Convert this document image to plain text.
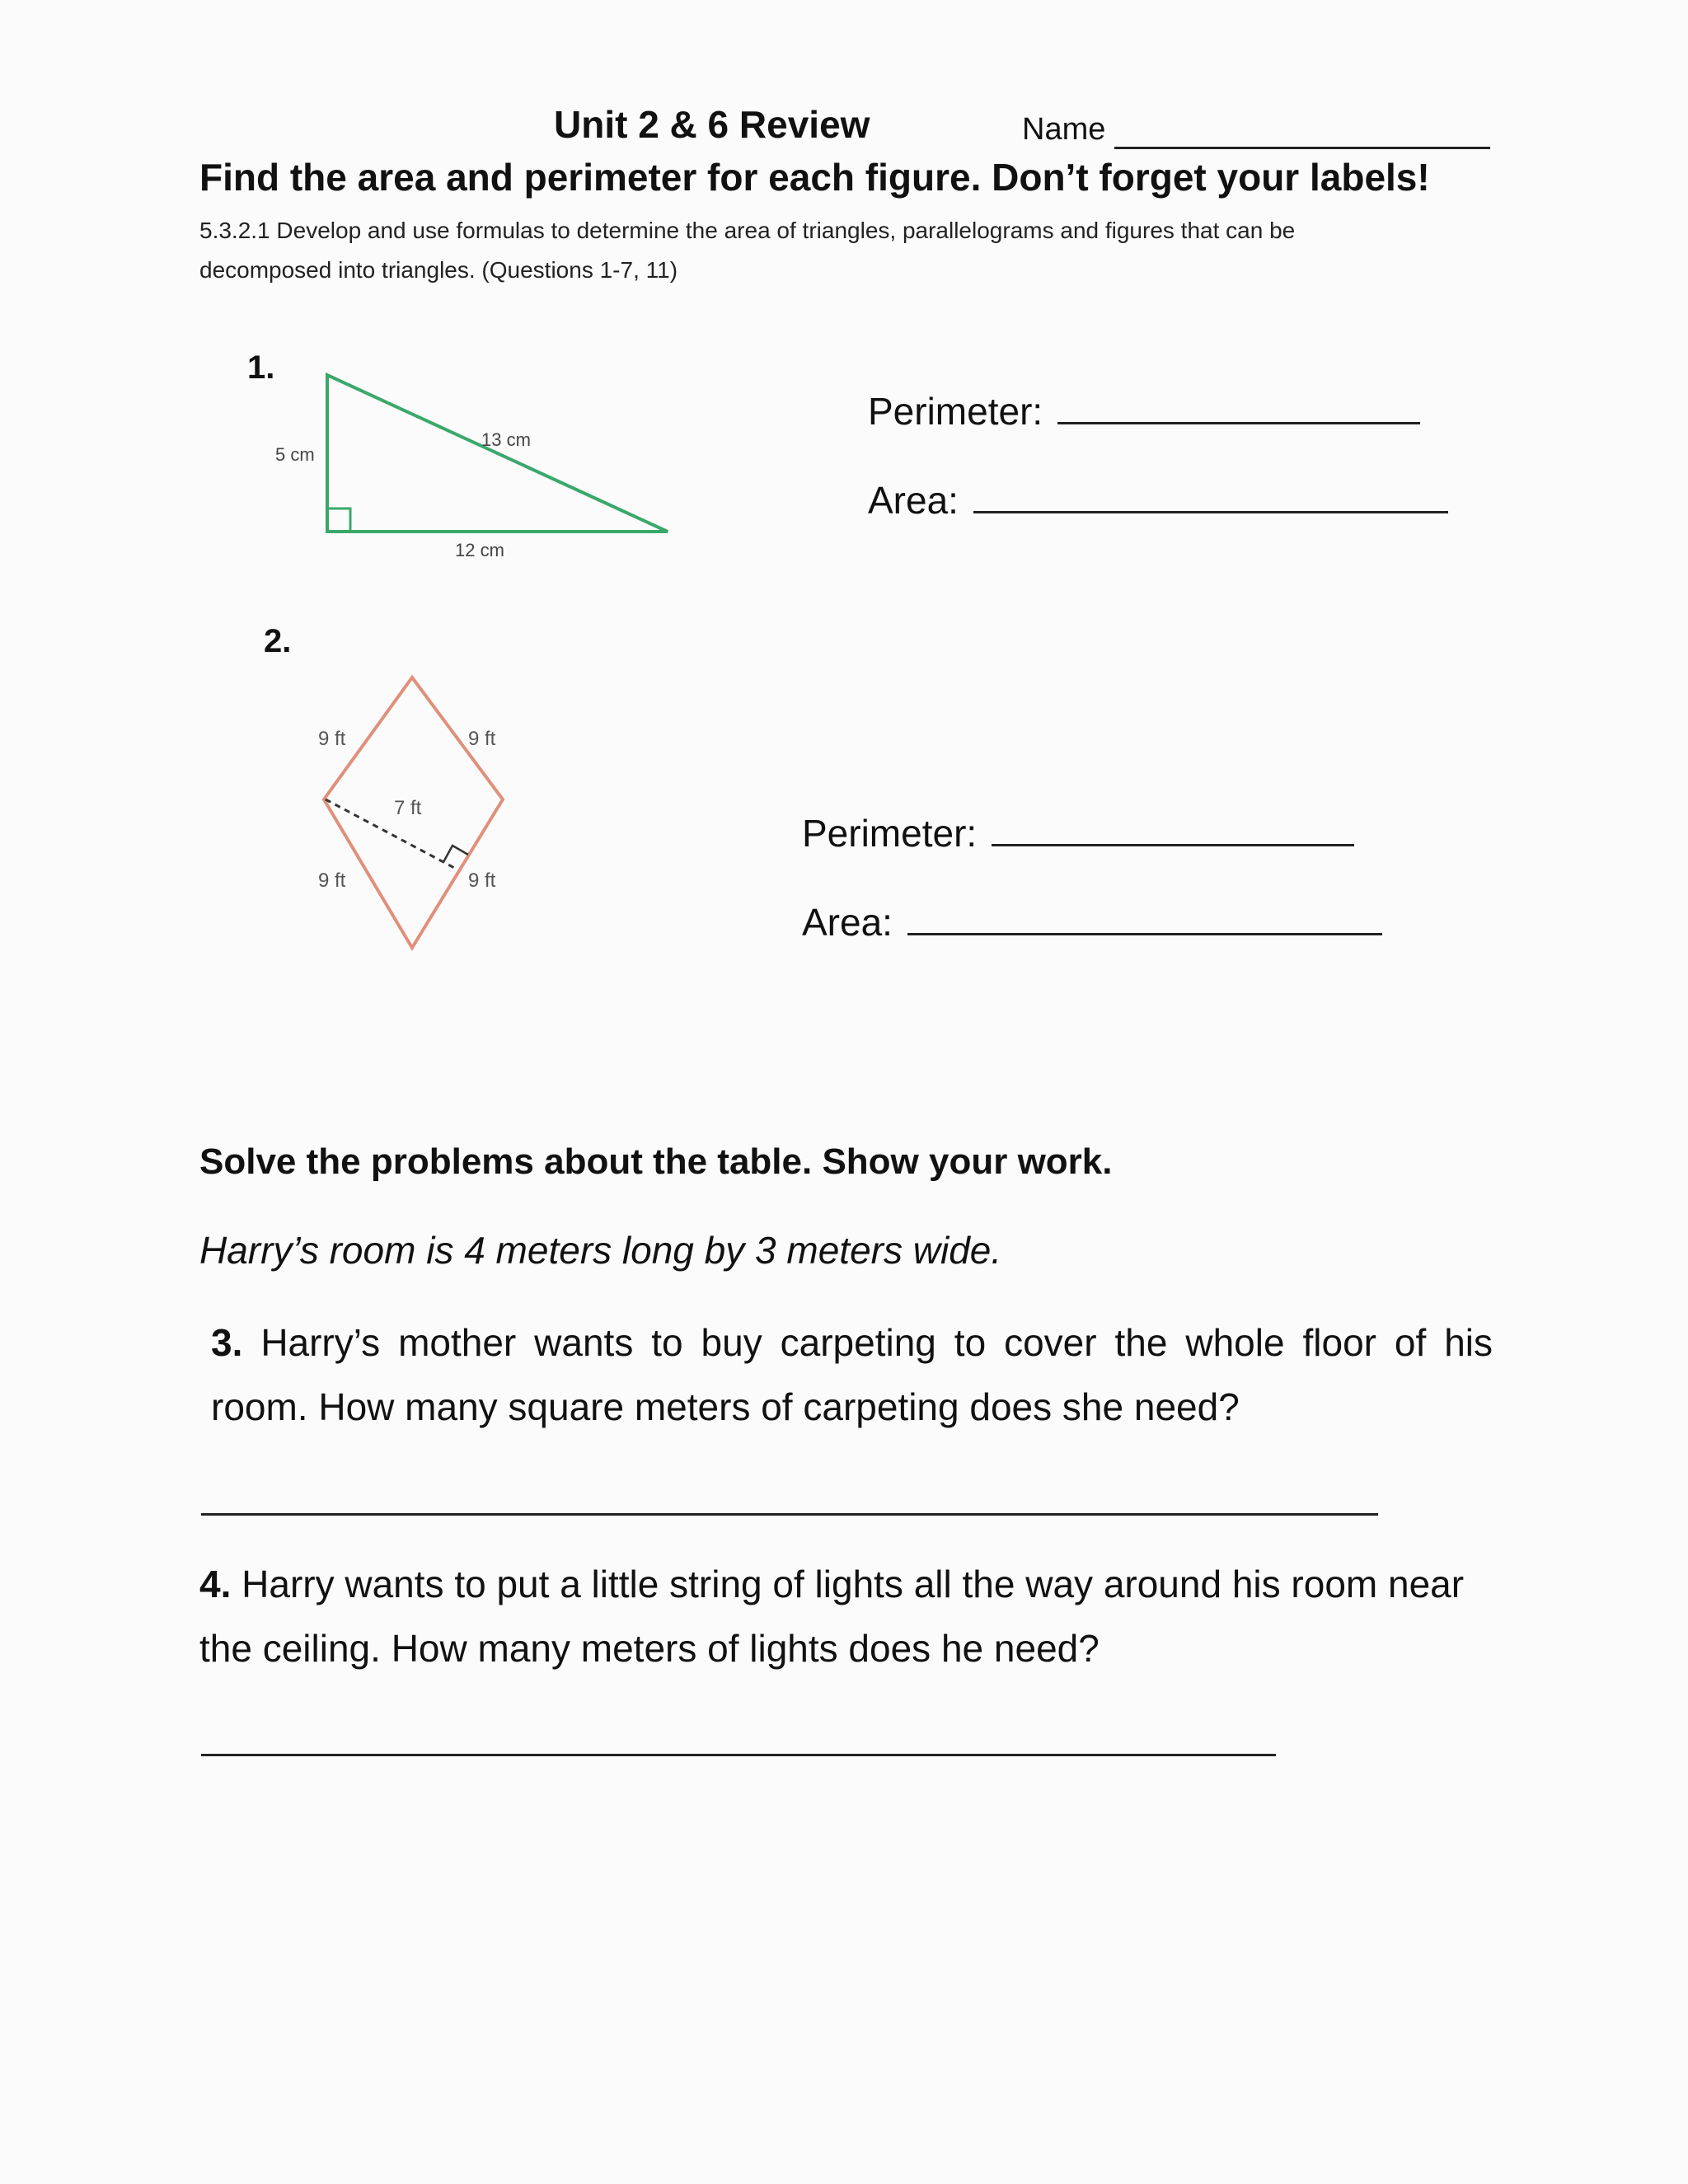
Unit 2 & 6 Review	Name
Find the area and perimeter for each figure. Don’t forget your labels!
5.3.2.1 Develop and use formulas to determine the area of triangles, parallelograms and figures that can be
decomposed into triangles. (Questions 1-7, 11)
1.
5 cm
13 cm
12 cm
Perimeter:
Area:
2.
9 ft	9 ft
7 ft
9 ft	9 ft
Perimeter:
Area:
Solve the problems about the table. Show your work.
Harry’s room is 4 meters long by 3 meters wide.
3. Harry’s mother wants to buy carpeting to cover the whole floor of his room. How many square meters of carpeting does she need?
4. Harry wants to put a little string of lights all the way around his room near the ceiling. How many meters of lights does he need?
